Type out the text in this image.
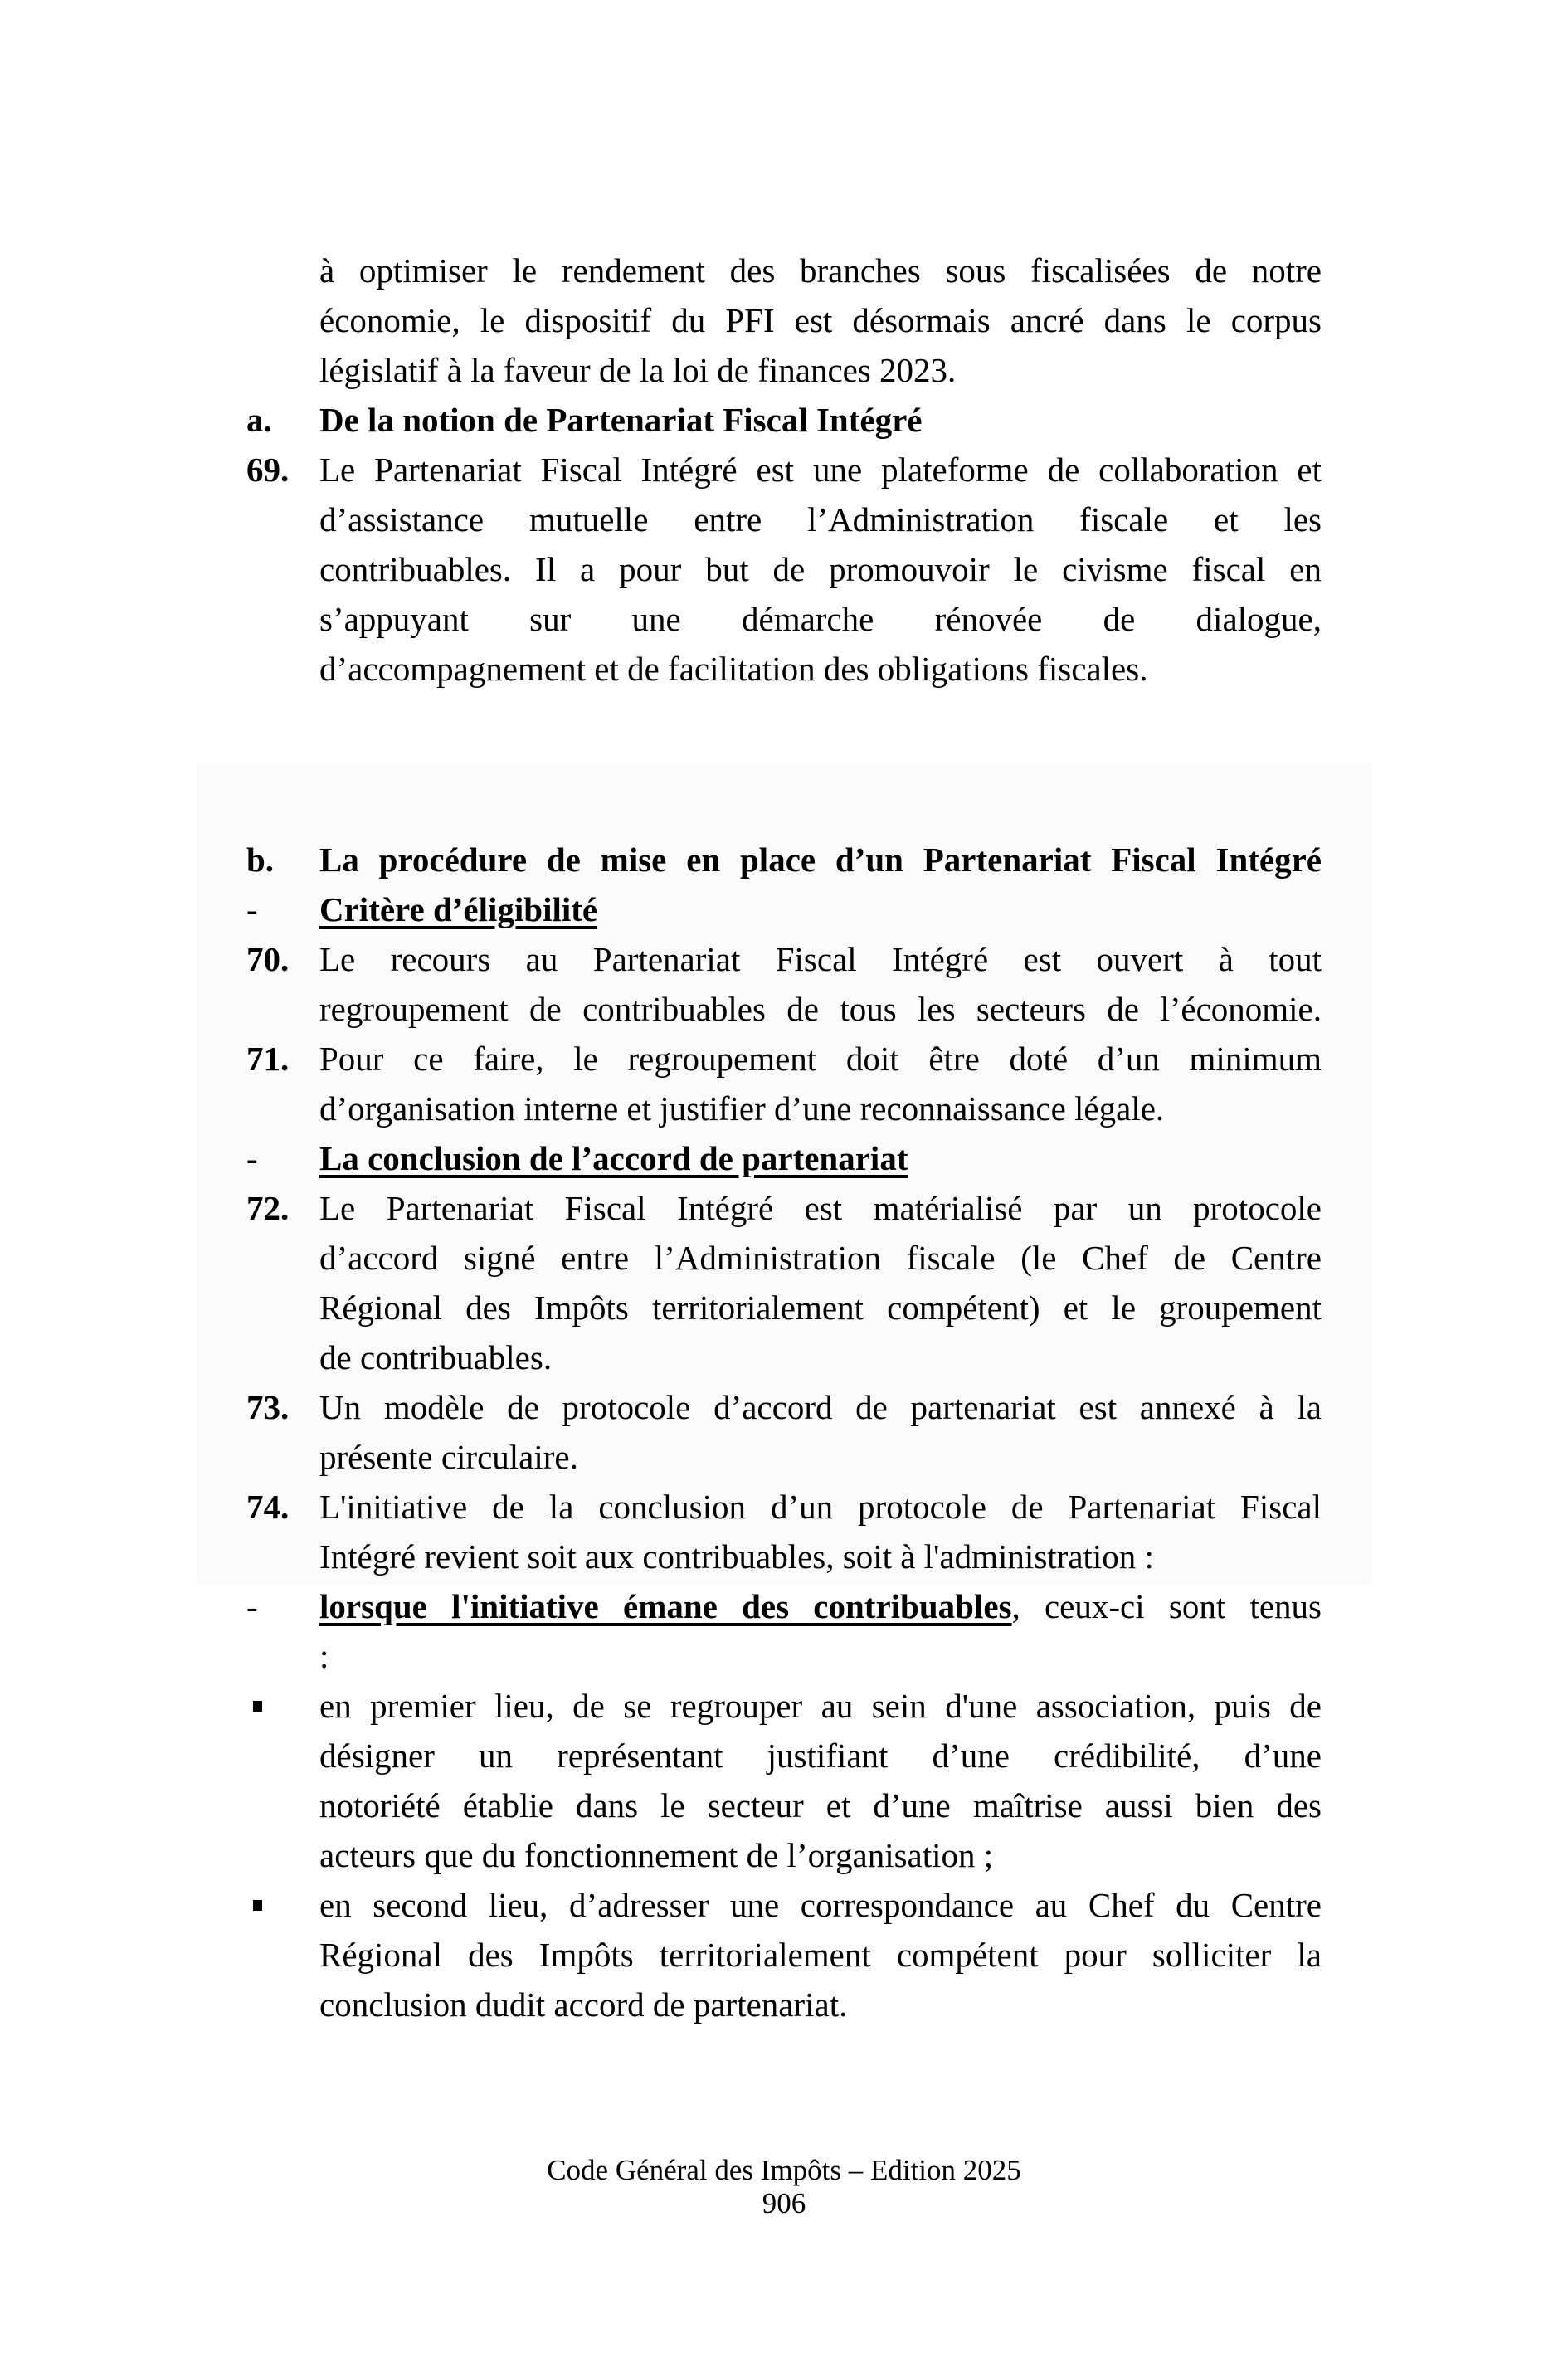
à optimiser le rendement des branches sous fiscalisées de notre
économie, le dispositif du PFI est désormais ancré dans le corpus
législatif à la faveur de la loi de finances 2023.
a. De la notion de Partenariat Fiscal Intégré
69. Le Partenariat Fiscal Intégré est une plateforme de collaboration et
d’assistance mutuelle entre l’Administration fiscale et les
contribuables. Il a pour but de promouvoir le civisme fiscal en
s’appuyant sur une démarche rénovée de dialogue,
d’accompagnement et de facilitation des obligations fiscales.
b. La procédure de mise en place d’un Partenariat Fiscal Intégré
- Critère d’éligibilité
70. Le recours au Partenariat Fiscal Intégré est ouvert à tout
regroupement de contribuables de tous les secteurs de l’économie.
71. Pour ce faire, le regroupement doit être doté d’un minimum
d’organisation interne et justifier d’une reconnaissance légale.
- La conclusion de l’accord de partenariat
72. Le Partenariat Fiscal Intégré est matérialisé par un protocole
d’accord signé entre l’Administration fiscale (le Chef de Centre
Régional des Impôts territorialement compétent) et le groupement
de contribuables.
73. Un modèle de protocole d’accord de partenariat est annexé à la
présente circulaire.
74. L'initiative de la conclusion d’un protocole de Partenariat Fiscal
Intégré revient soit aux contribuables, soit à l'administration :
- lorsque l'initiative émane des contribuables, ceux-ci sont tenus
:
en premier lieu, de se regrouper au sein d'une association, puis de
désigner un représentant justifiant d’une crédibilité, d’une
notoriété établie dans le secteur et d’une maîtrise aussi bien des
acteurs que du fonctionnement de l’organisation ;
en second lieu, d’adresser une correspondance au Chef du Centre
Régional des Impôts territorialement compétent pour solliciter la
conclusion dudit accord de partenariat.
Code Général des Impôts – Edition 2025
906
